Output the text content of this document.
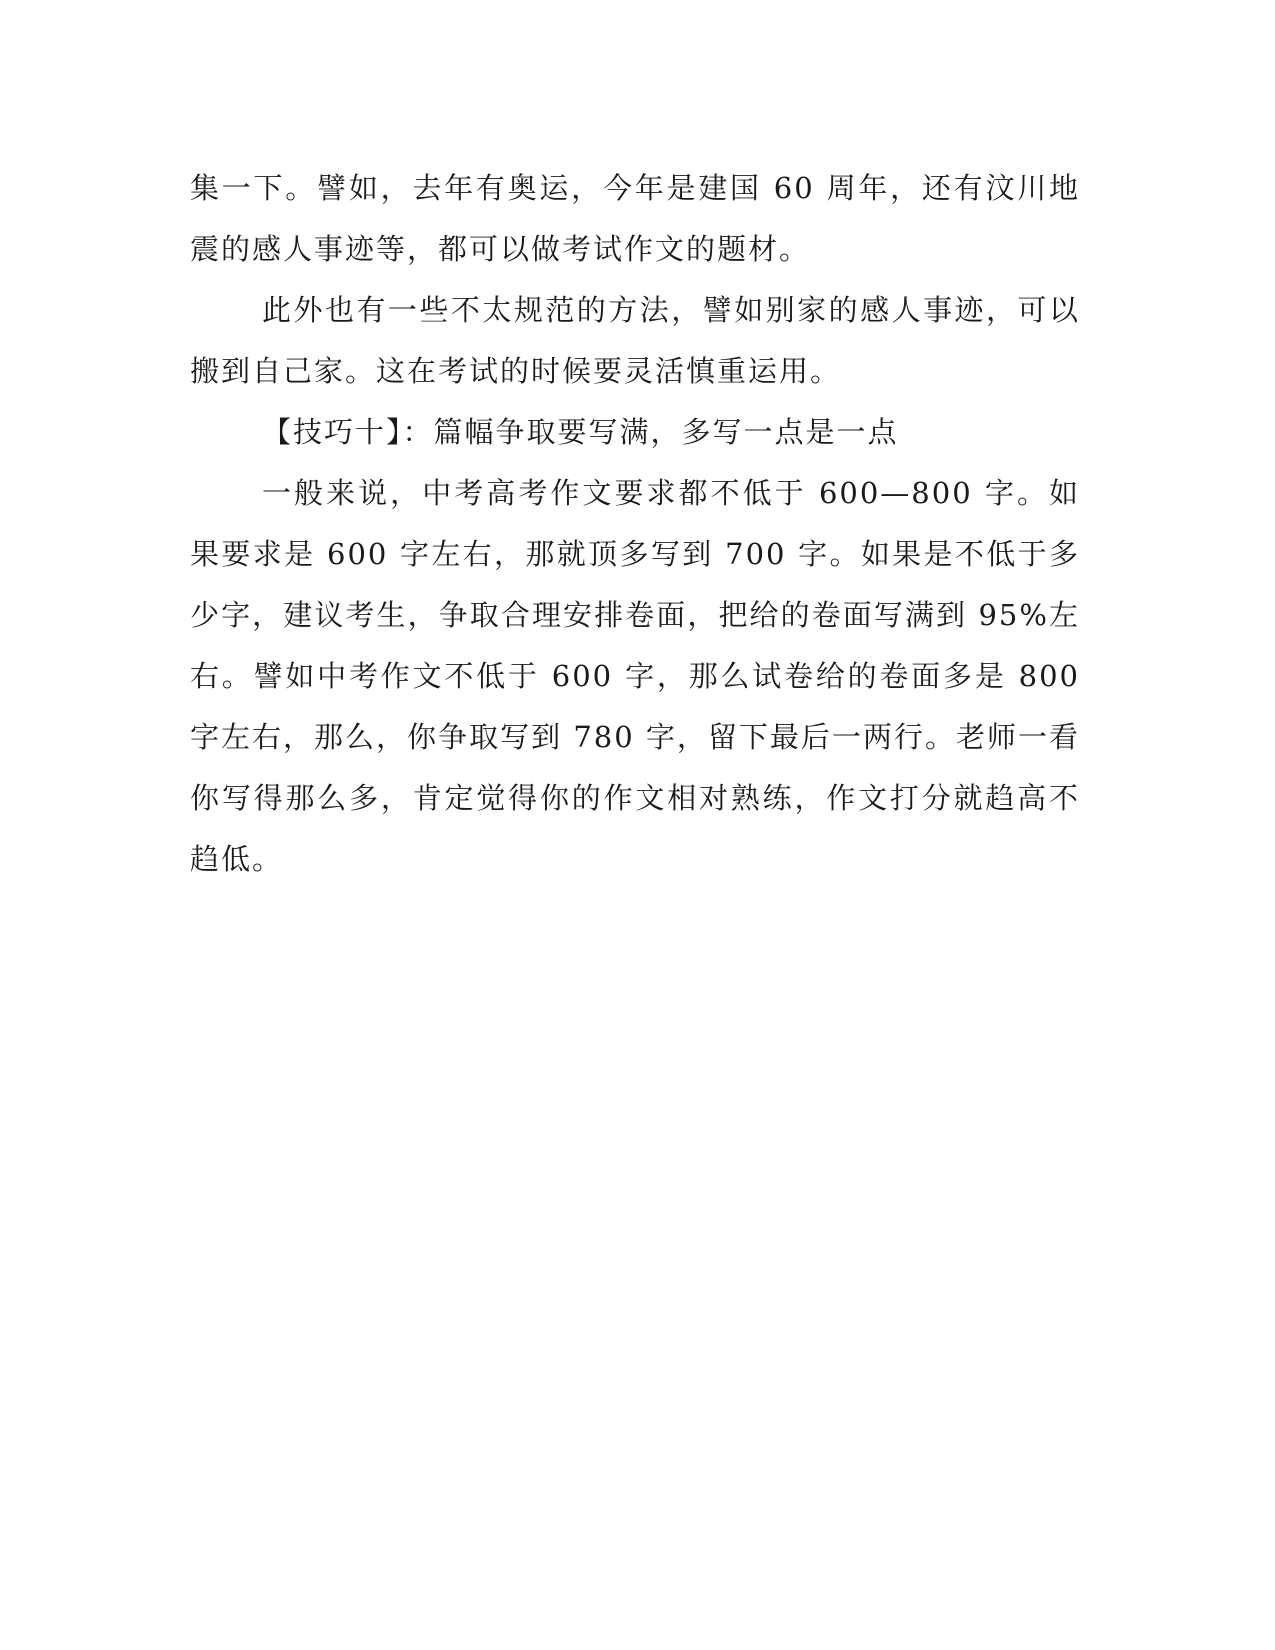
集一下。譬如，去年有奥运，今年是建国 60 周年，还有汶川地震的感人事迹等，都可以做考试作文的题材。

此外也有一些不太规范的方法，譬如别家的感人事迹，可以搬到自己家。这在考试的时候要灵活慎重运用。

【技巧十】：篇幅争取要写满，多写一点是一点

一般来说，中考高考作文要求都不低于 600—800 字。如果要求是 600 字左右，那就顶多写到 700 字。如果是不低于多少字，建议考生，争取合理安排卷面，把给的卷面写满到 95%左右。譬如中考作文不低于 600 字，那么试卷给的卷面多是 800 字左右，那么，你争取写到 780 字，留下最后一两行。老师一看你写得那么多，肯定觉得你的作文相对熟练，作文打分就趋高不趋低。
